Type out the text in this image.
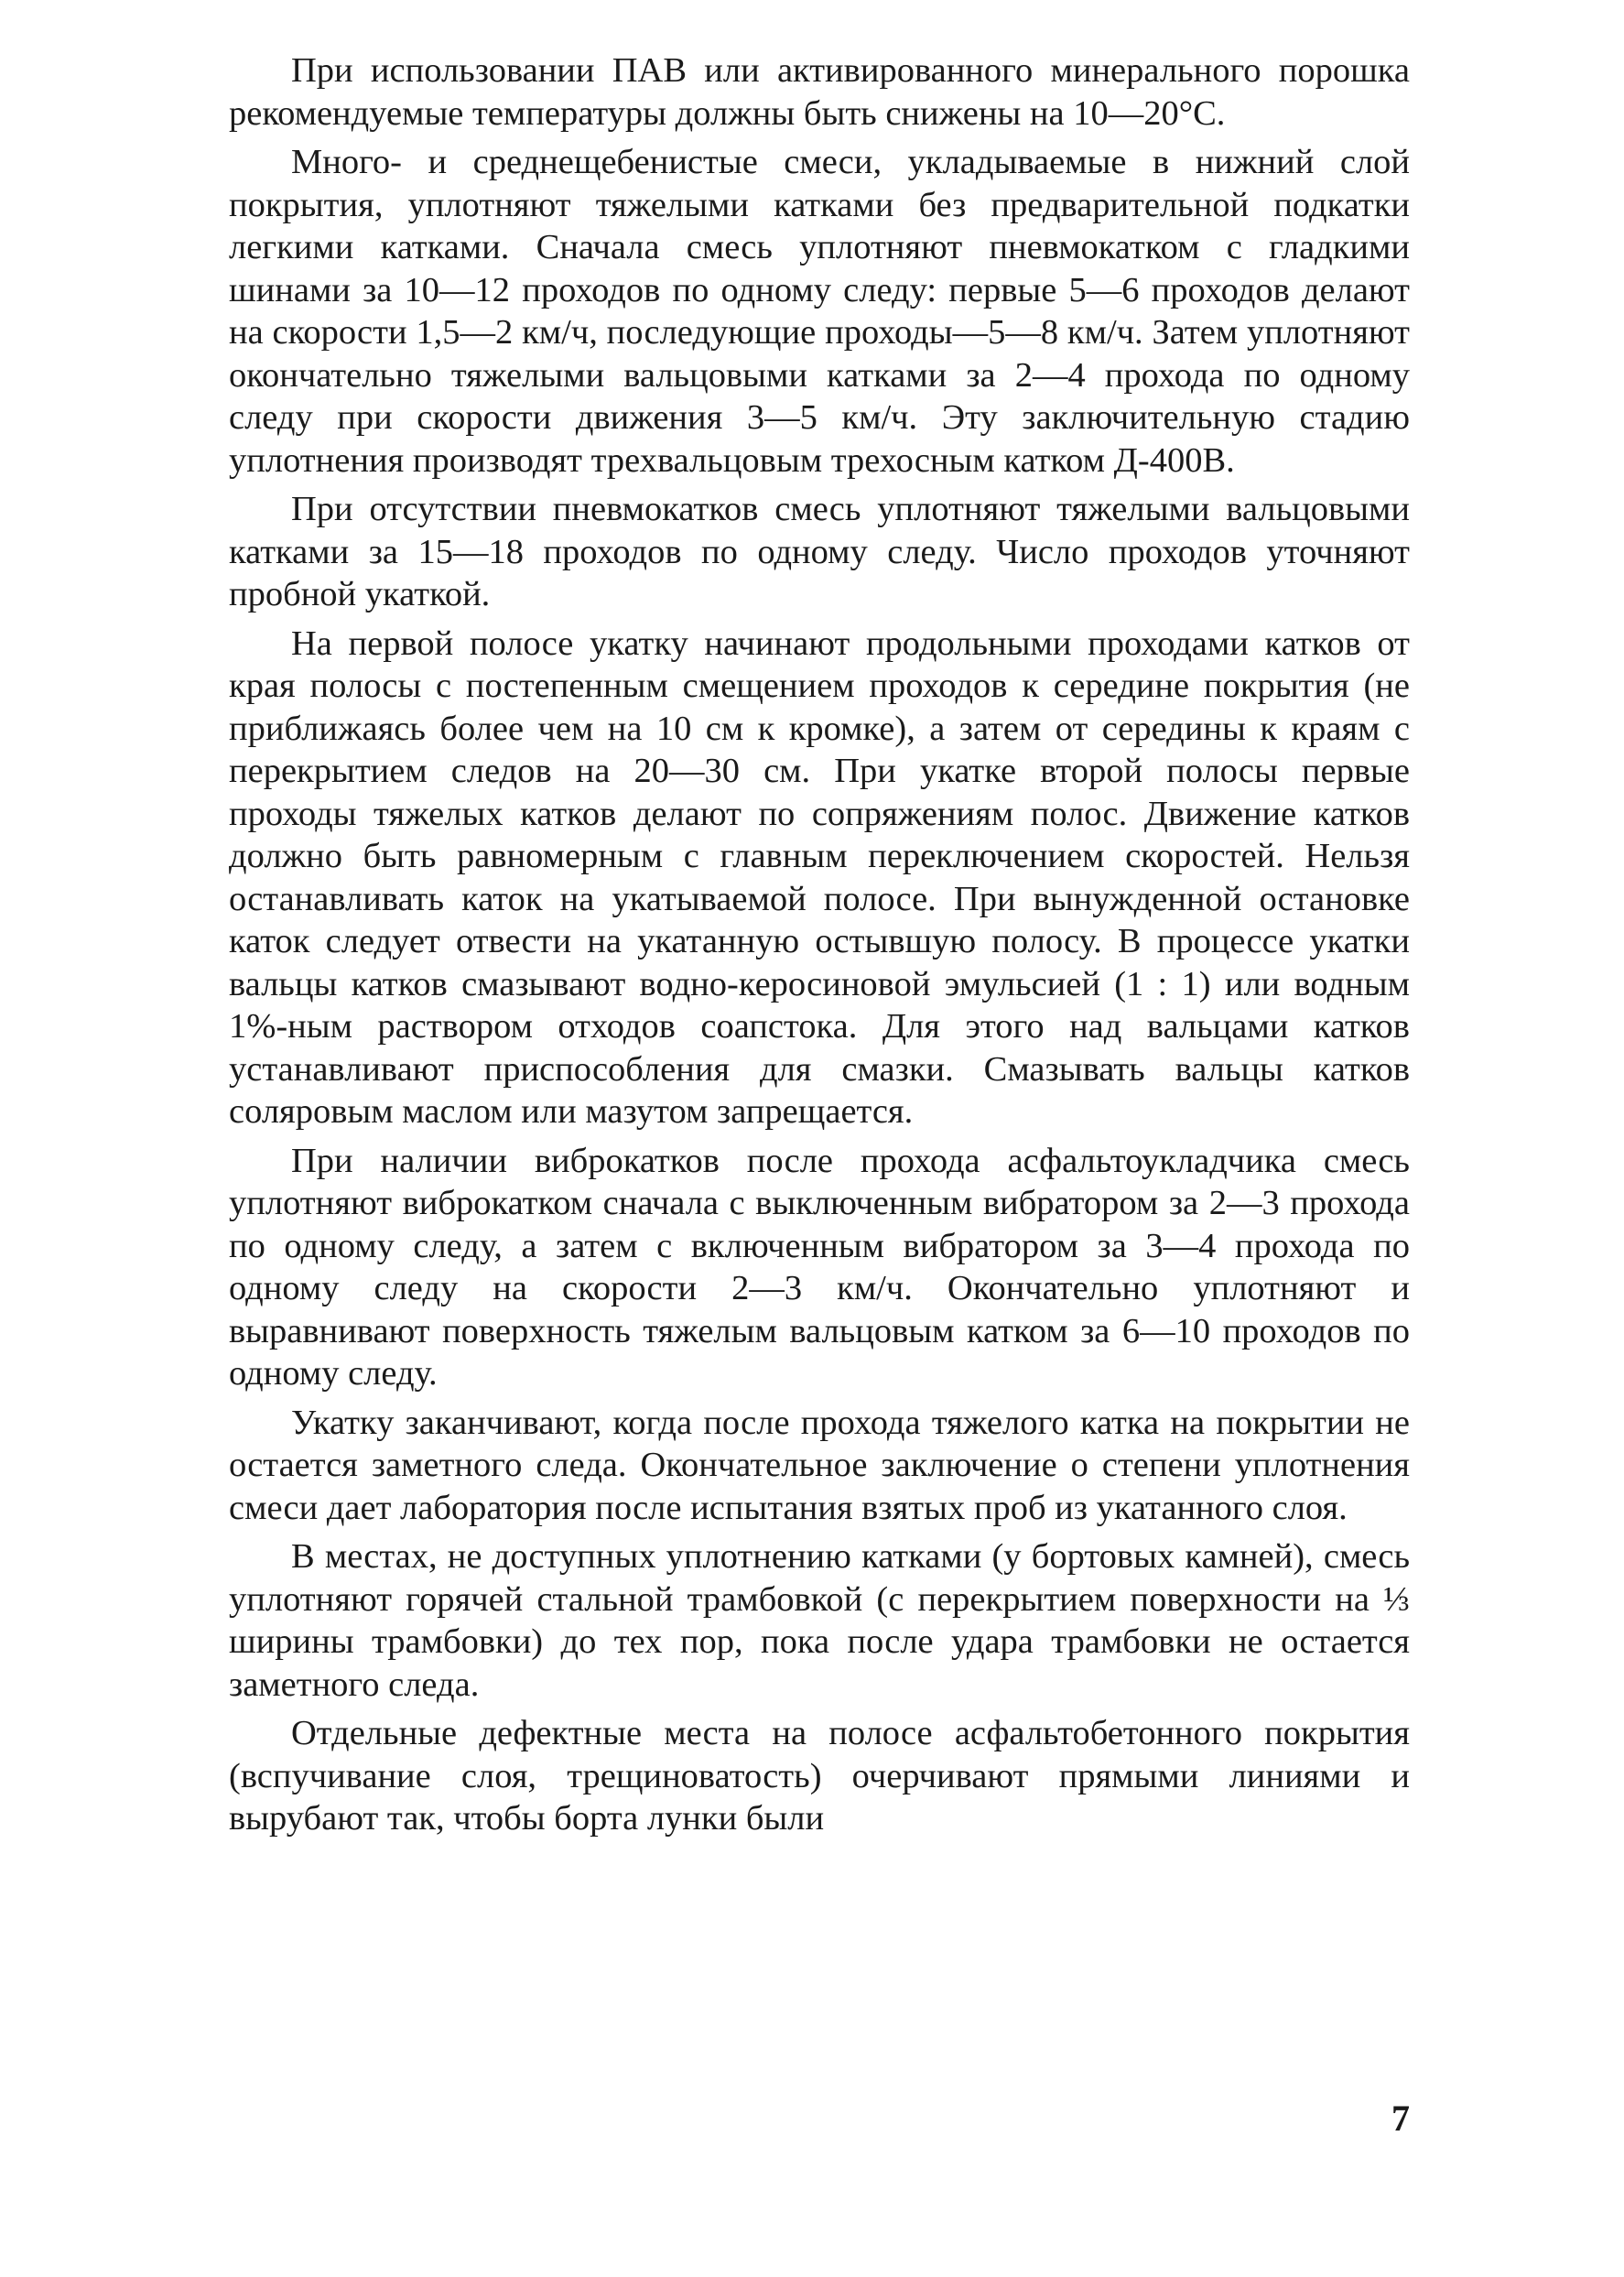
При использовании ПАВ или активированного минерального порошка рекомендуемые температуры должны быть снижены на 10—20°С.

Много- и среднещебенистые смеси, укладываемые в нижний слой покрытия, уплотняют тяжелыми катками без предварительной подкатки легкими катками. Сначала смесь уплотняют пневмокатком с гладкими шинами за 10—12 проходов по одному следу: первые 5—6 проходов делают на скорости 1,5—2 км/ч, последующие проходы—5—8 км/ч. Затем уплотняют окончательно тяжелыми вальцовыми катками за 2—4 прохода по одному следу при скорости движения 3—5 км/ч. Эту заключительную стадию уплотнения производят трехвальцовым трехосным катком Д-400В.

При отсутствии пневмокатков смесь уплотняют тяжелыми вальцовыми катками за 15—18 проходов по одному следу. Число проходов уточняют пробной укаткой.

На первой полосе укатку начинают продольными проходами катков от края полосы с постепенным смещением проходов к середине покрытия (не приближаясь более чем на 10 см к кромке), а затем от середины к краям с перекрытием следов на 20—30 см. При укатке второй полосы первые проходы тяжелых катков делают по сопряжениям полос. Движение катков должно быть равномерным с главным переключением скоростей. Нельзя останавливать каток на укатываемой полосе. При вынужденной остановке каток следует отвести на укатанную остывшую полосу. В процессе укатки вальцы катков смазывают водно-керосиновой эмульсией (1 : 1) или водным 1%-ным раствором отходов соапстока. Для этого над вальцами катков устанавливают приспособления для смазки. Смазывать вальцы катков соляровым маслом или мазутом запрещается.

При наличии виброкатков после прохода асфальтоукладчика смесь уплотняют виброкатком сначала с выключенным вибратором за 2—3 прохода по одному следу, а затем с включенным вибратором за 3—4 прохода по одному следу на скорости 2—3 км/ч. Окончательно уплотняют и выравнивают поверхность тяжелым вальцовым катком за 6—10 проходов по одному следу.

Укатку заканчивают, когда после прохода тяжелого катка на покрытии не остается заметного следа. Окончательное заключение о степени уплотнения смеси дает лаборатория после испытания взятых проб из укатанного слоя.

В местах, не доступных уплотнению катками (у бортовых камней), смесь уплотняют горячей стальной трамбовкой (с перекрытием поверхности на ⅓ ширины трамбовки) до тех пор, пока после удара трамбовки не остается заметного следа.

Отдельные дефектные места на полосе асфальтобетонного покрытия (вспучивание слоя, трещиноватость) очерчивают прямыми линиями и вырубают так, чтобы борта лунки были

7
